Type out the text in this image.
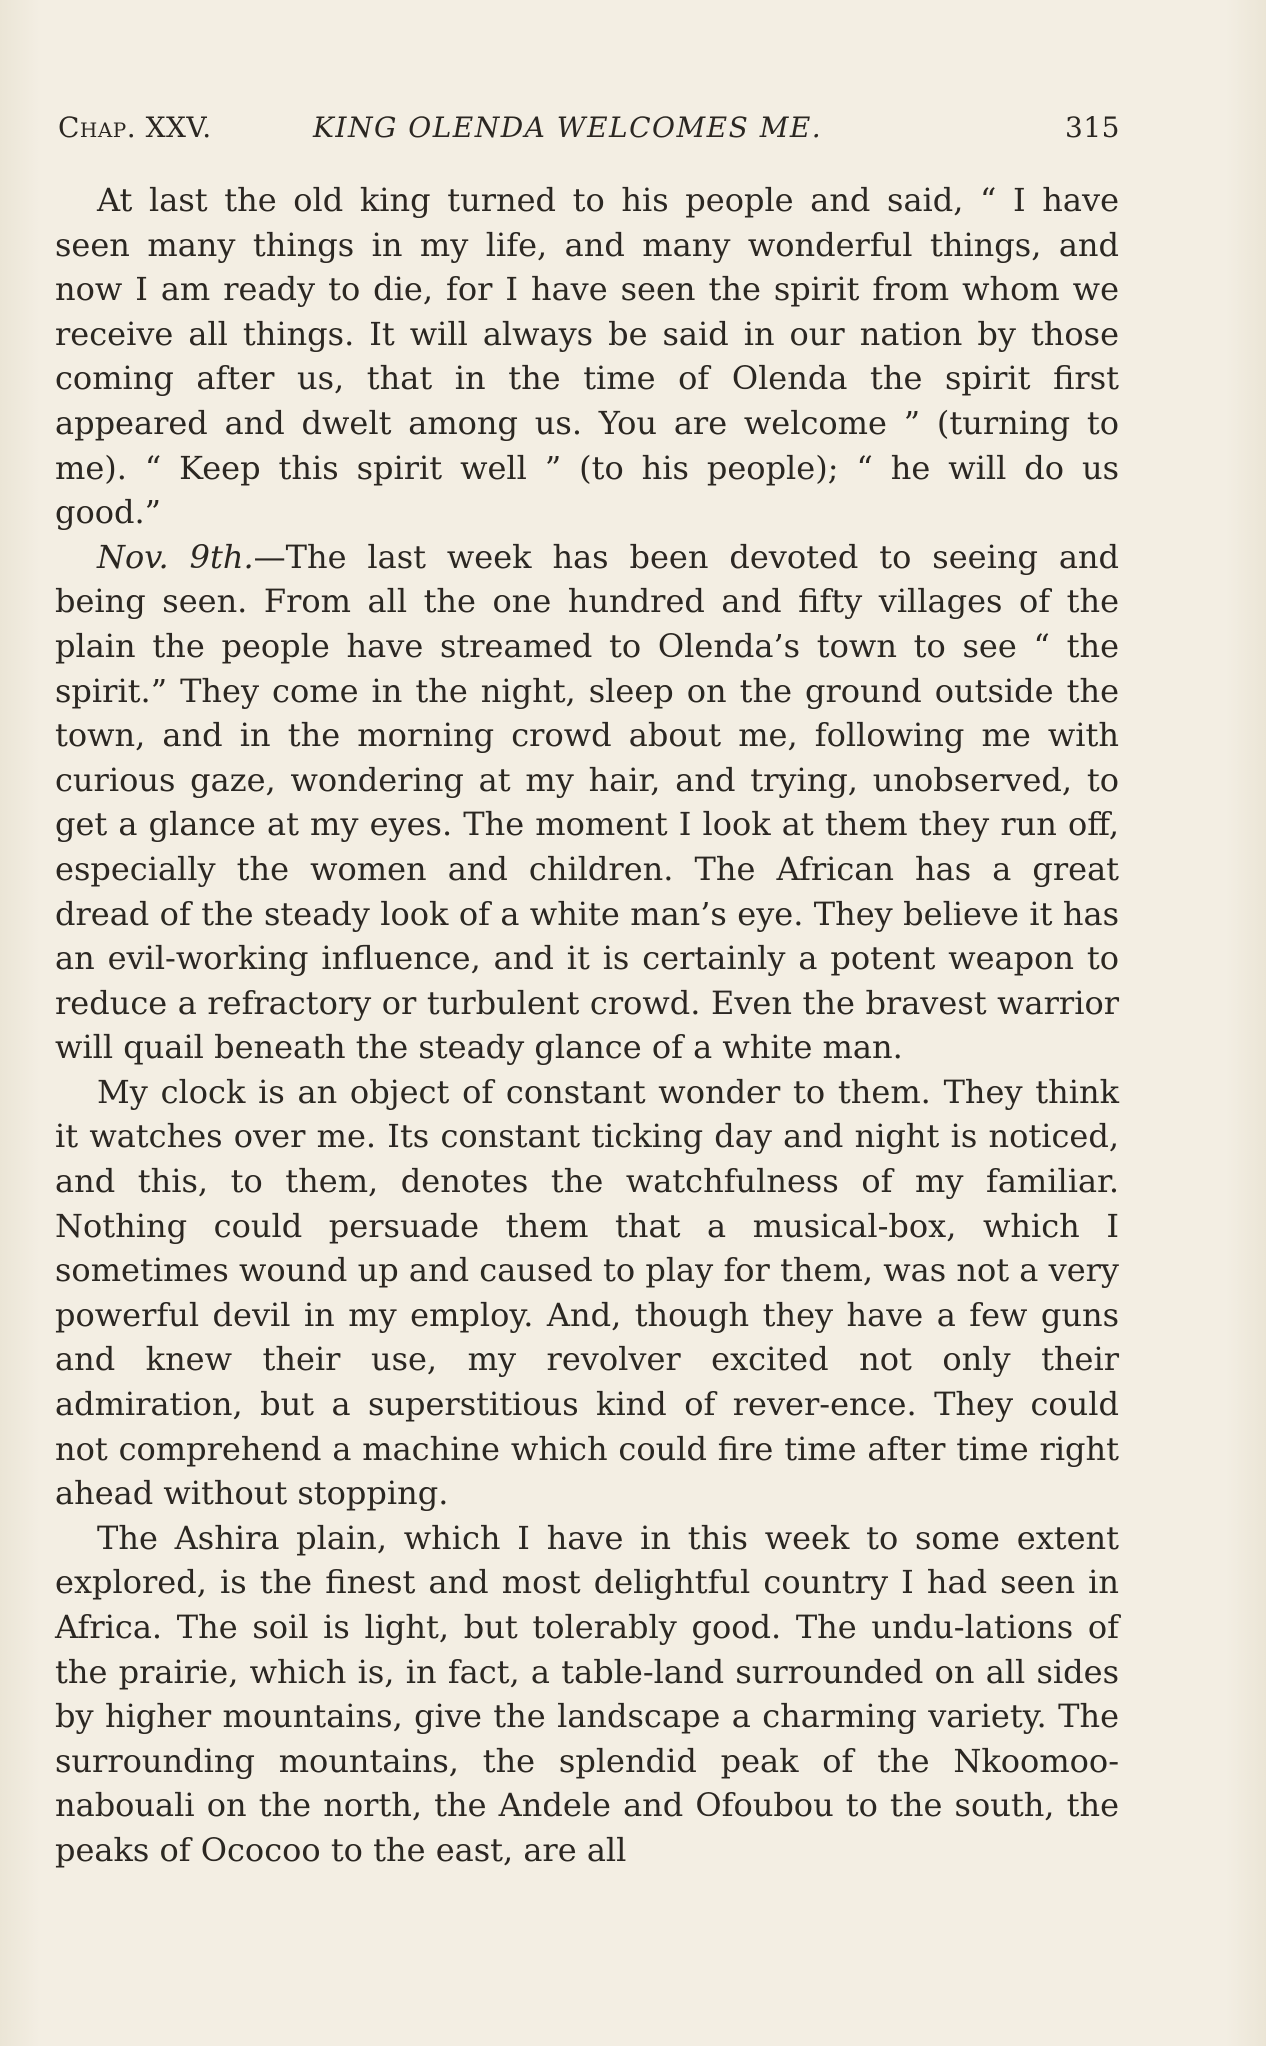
Chap. XXV.	KING OLENDA WELCOMES ME.	315

At last the old king turned to his people and said, “ I have seen many things in my life, and many wonderful things, and now I am ready to die, for I have seen the spirit from whom we receive all things. It will always be said in our nation by those coming after us, that in the time of Olenda the spirit first appeared and dwelt among us. You are welcome ” (turning to me). “ Keep this spirit well ” (to his people); “ he will do us good.”

Nov. 9th.—The last week has been devoted to seeing and being seen. From all the one hundred and fifty villages of the plain the people have streamed to Olenda’s town to see “ the spirit.” They come in the night, sleep on the ground outside the town, and in the morning crowd about me, following me with curious gaze, wondering at my hair, and trying, unobserved, to get a glance at my eyes. The moment I look at them they run off, especially the women and children. The African has a great dread of the steady look of a white man’s eye. They believe it has an evil-working influence, and it is certainly a potent weapon to reduce a refractory or turbulent crowd. Even the bravest warrior will quail beneath the steady glance of a white man.

My clock is an object of constant wonder to them. They think it watches over me. Its constant ticking day and night is noticed, and this, to them, denotes the watchfulness of my familiar. Nothing could persuade them that a musical-box, which I sometimes wound up and caused to play for them, was not a very powerful devil in my employ. And, though they have a few guns and knew their use, my revolver excited not only their admiration, but a superstitious kind of rever-ence. They could not comprehend a machine which could fire time after time right ahead without stopping.

The Ashira plain, which I have in this week to some extent explored, is the finest and most delightful country I had seen in Africa. The soil is light, but tolerably good. The undu-lations of the prairie, which is, in fact, a table-land surrounded on all sides by higher mountains, give the landscape a charming variety. The surrounding mountains, the splendid peak of the Nkoomoo-nabouali on the north, the Andele and Ofoubou to the south, the peaks of Ococoo to the east, are all
